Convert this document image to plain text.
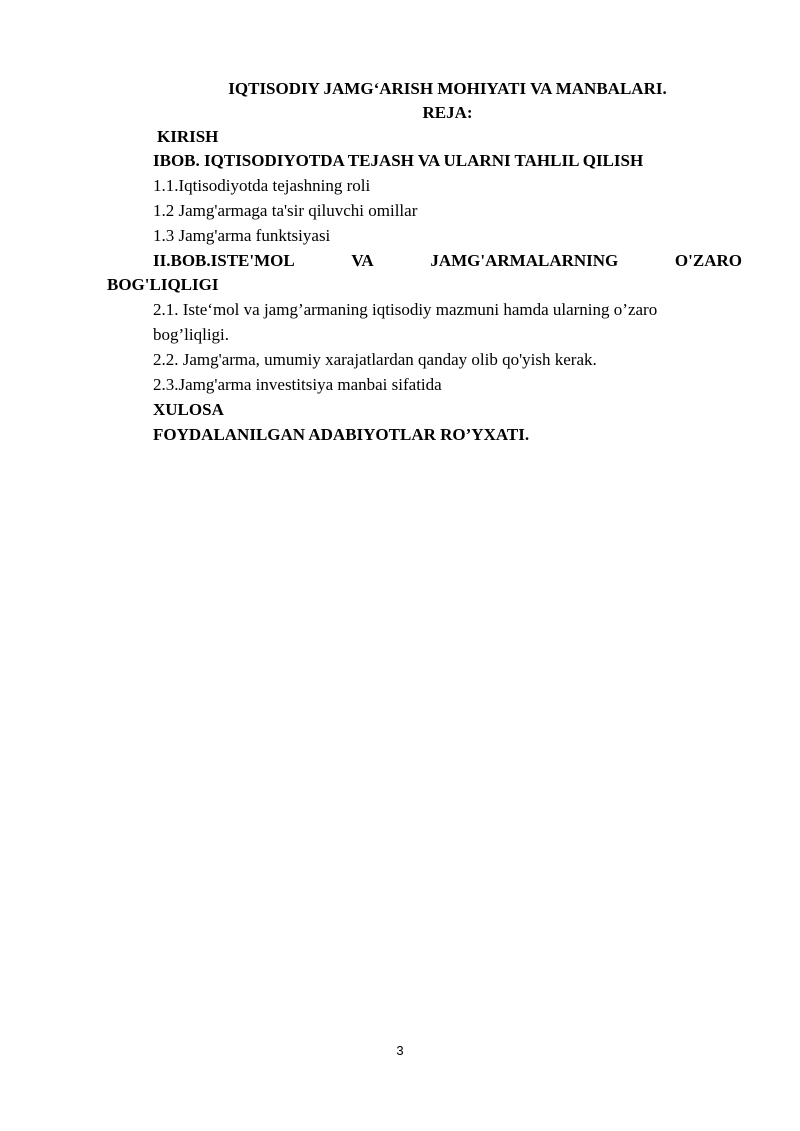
IQTISODIY JAMG‘ARISH MOHIYATI VA MANBALARI.
REJA:
KIRISH
IBOB. IQTISODIYOTDA TEJASH VA ULARNI TAHLIL QILISH
1.1.Iqtisodiyotda tejashning roli
1.2 Jamg'armaga ta'sir qiluvchi omillar
1.3 Jamg'arma funktsiyasi
II.BOB.ISTE'MOL	VA	JAMG'ARMALARNING	O'ZARO
BOG'LIQLIGI
2.1. Iste‘mol va jamg’armaning iqtisodiy mazmuni hamda ularning o’zaro
bog’liqligi.
2.2. Jamg'arma, umumiy xarajatlardan qanday olib qo'yish kerak.
2.3.Jamg'arma investitsiya manbai sifatida
XULOSA
FOYDALANILGAN ADABIYOTLAR RO’YXATI.
3
